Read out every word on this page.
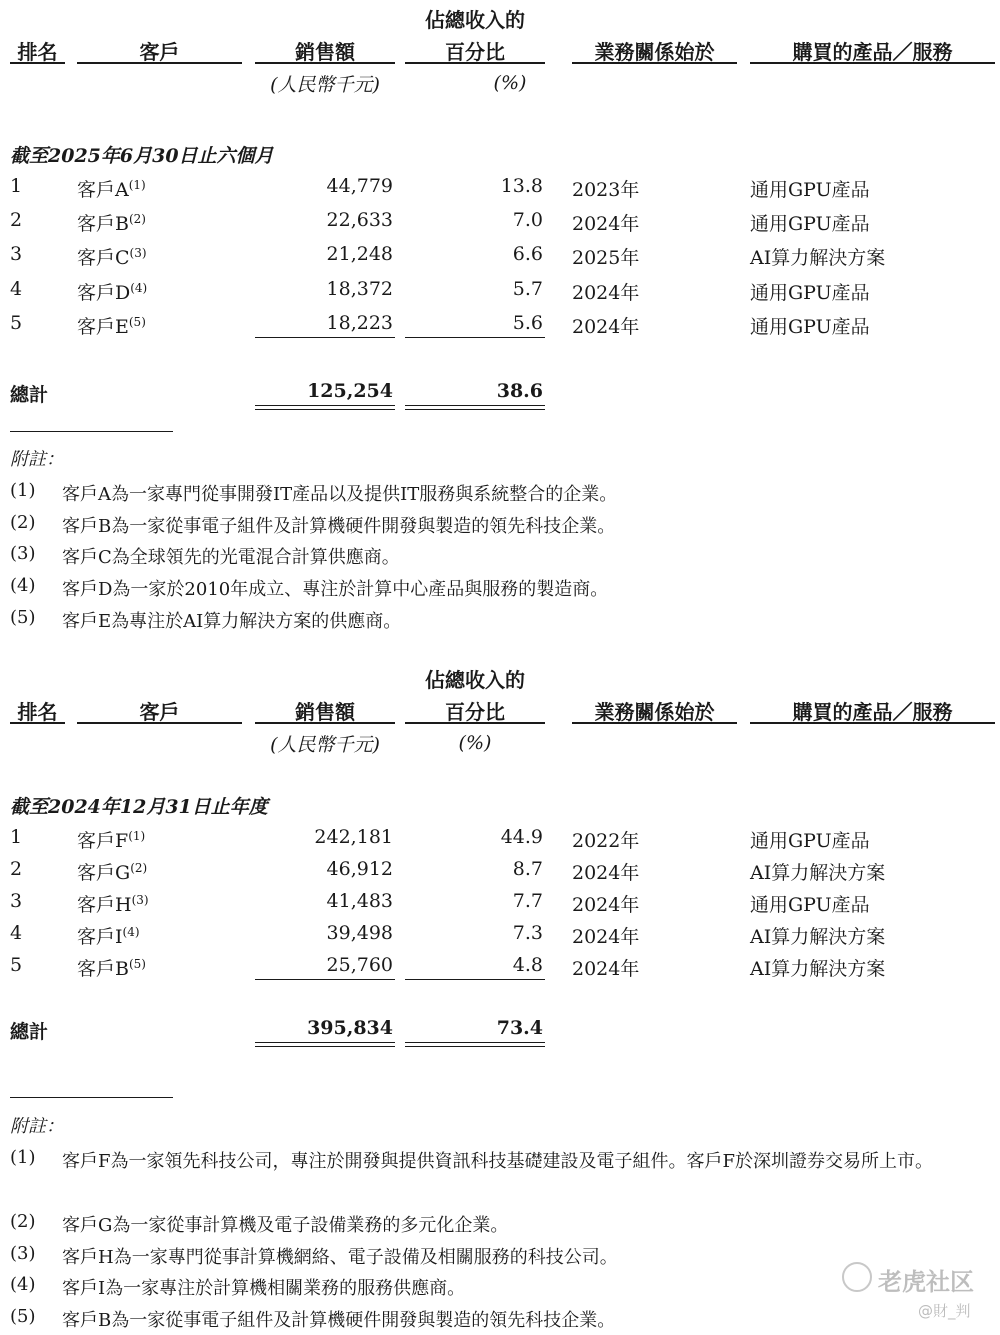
佔總收入的
排名	客戶	銷售額	百分比	業務關係始於	購買的產品／服務
(人民幣千元)	(%)
截至2025年6月30日止六個月
1	客戶$A^{(1)}$	44,779	13.8 2023年	通用GPU產品
2	客戶$B^{(2)}$	22,633	7.0 2024年	通用GPU產品
3	客戶$C^{(3)}$	21,248	6.6 2025年	AI算力解決方案
4	客戶$D^{(4)}$	18,372	5.7 2024年	通用GPU產品
5	客戶$E^{(5)}$	18,223	5.6 2024年	通用GPU產品
總計	125,254	38.6
附註：
(1) 客戶A為一家專門從事開發IT產品以及提供IT服務與系統整合的企業。
(2) 客戶B為一家從事電子組件及計算機硬件開發與製造的領先科技企業。
(3) 客戶C為全球領先的光電混合計算供應商。
(4) 客戶D為一家於2010年成立、專注於計算中心產品與服務的製造商。
(5) 客戶E為專注於AI算力解決方案的供應商。
佔總收入的
排名	客戶	銷售額	百分比	業務關係始於	購買的產品／服務
(人民幣千元)	(%)
截至2024年12月31日止年度
1	客戶$F^{(1)}$	242,181	44.9 2022年	通用GPU產品
2	客戶$G^{(2)}$	46,912	8.7 2024年	AI算力解決方案
3	客戶$H^{(3)}$	41,483	7.7 2024年	通用GPU產品
4	客戶$I^{(4)}$	39,498	7.3 2024年	AI算力解決方案
5	客戶$B^{(5)}$	25,760	4.8 2024年	AI算力解決方案
總計	395,834	73.4
附註：
(1) 客戶F為一家領先科技公司，專注於開發與提供資訊科技基礎建設及電子組件。客戶F於深圳證券交易所上市。
(2) 客戶G為一家從事計算機及電子設備業務的多元化企業。
(3) 客戶H為一家專門從事計算機網絡、電子設備及相關服務的科技公司。
(4) 客戶I為一家專注於計算機相關業務的服務供應商。
(5) 客戶B為一家從事電子組件及計算機硬件開發與製造的領先科技企業。
老虎社区
@財_判
